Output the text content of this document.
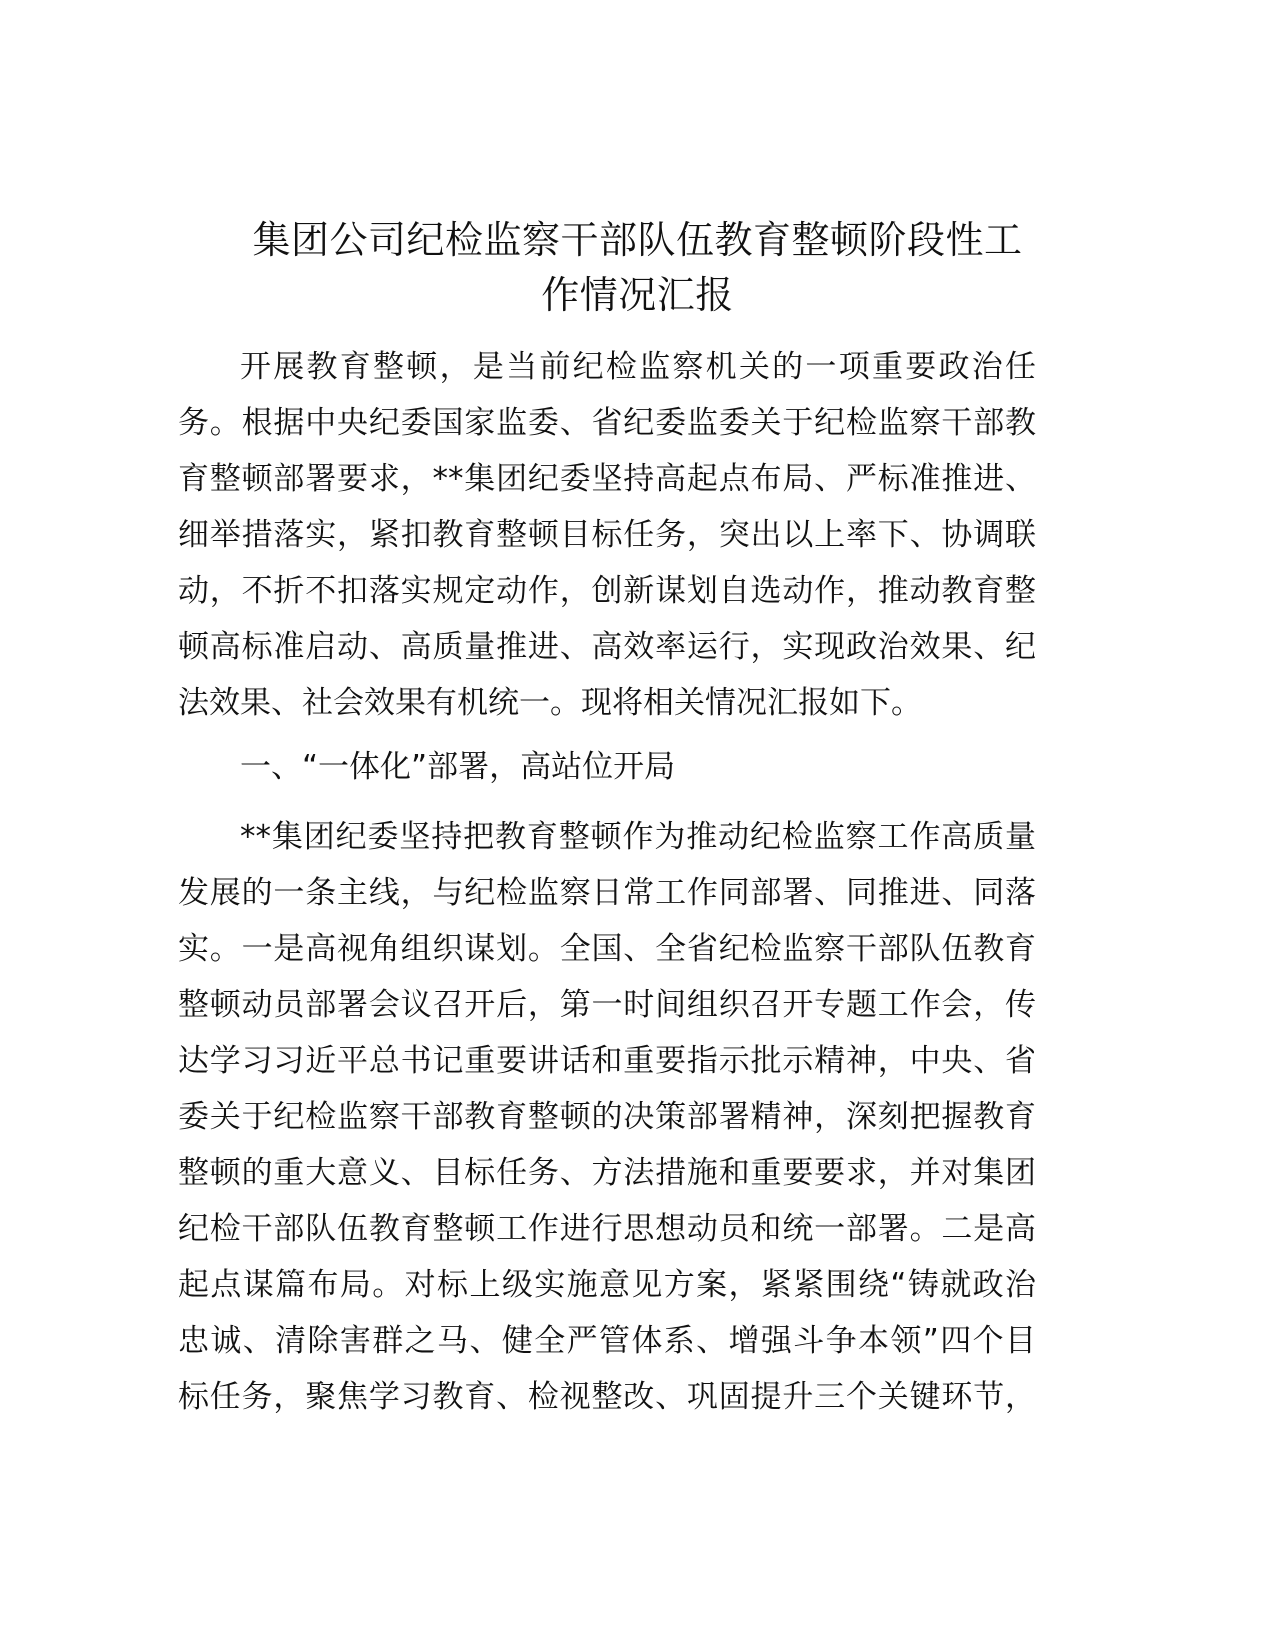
集团公司纪检监察干部队伍教育整顿阶段性工
作情况汇报
开展教育整顿，是当前纪检监察机关的一项重要政治任
务。根据中央纪委国家监委、省纪委监委关于纪检监察干部教
育整顿部署要求，**集团纪委坚持高起点布局、严标准推进、
细举措落实，紧扣教育整顿目标任务，突出以上率下、协调联
动，不折不扣落实规定动作，创新谋划自选动作，推动教育整
顿高标准启动、高质量推进、高效率运行，实现政治效果、纪
法效果、社会效果有机统一。现将相关情况汇报如下。
一、“一体化”部署，高站位开局
**集团纪委坚持把教育整顿作为推动纪检监察工作高质量
发展的一条主线，与纪检监察日常工作同部署、同推进、同落
实。一是高视角组织谋划。全国、全省纪检监察干部队伍教育
整顿动员部署会议召开后，第一时间组织召开专题工作会，传
达学习习近平总书记重要讲话和重要指示批示精神，中央、省
委关于纪检监察干部教育整顿的决策部署精神，深刻把握教育
整顿的重大意义、目标任务、方法措施和重要要求，并对集团
纪检干部队伍教育整顿工作进行思想动员和统一部署。二是高
起点谋篇布局。对标上级实施意见方案，紧紧围绕“铸就政治
忠诚、清除害群之马、健全严管体系、增强斗争本领”四个目
标任务，聚焦学习教育、检视整改、巩固提升三个关键环节，
